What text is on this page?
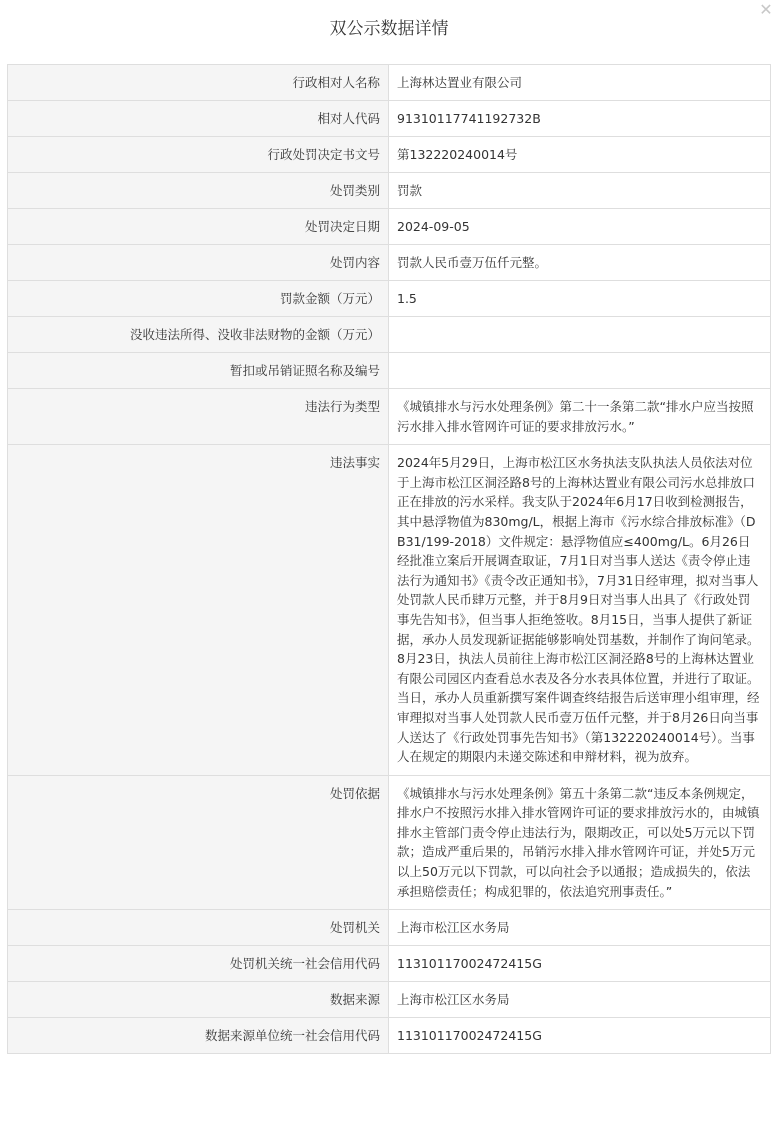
双公示数据详情
✕
行政相对人名称	上海林达置业有限公司
相对人代码	91310117741192732B
行政处罚决定书文号	第132220240014号
处罚类别	罚款
处罚决定日期	2024-09-05
处罚内容	罚款人民币壹万伍仟元整。
罚款金额（万元）	1.5
没收违法所得、没收非法财物的金额（万元）	
暂扣或吊销证照名称及编号	
违法行为类型	《城镇排水与污水处理条例》第二十一条第二款“排水户应当按照污水排入排水管网许可证的要求排放污水。”
违法事实	2024年5月29日，上海市松江区水务执法支队执法人员依法对位于上海市松江区洞泾路8号的上海林达置业有限公司污水总排放口正在排放的污水采样。我支队于2024年6月17日收到检测报告，其中悬浮物值为830mg/L，根据上海市《污水综合排放标准》（DB31/199-2018）文件规定：悬浮物值应≤400mg/L。6月26日经批准立案后开展调查取证，7月1日对当事人送达《责令停止违法行为通知书》《责令改正通知书》，7月31日经审理，拟对当事人处罚款人民币肆万元整，并于8月9日对当事人出具了《行政处罚事先告知书》，但当事人拒绝签收。8月15日，当事人提供了新证据，承办人员发现新证据能够影响处罚基数，并制作了询问笔录。8月23日，执法人员前往上海市松江区洞泾路8号的上海林达置业有限公司园区内查看总水表及各分水表具体位置，并进行了取证。当日，承办人员重新撰写案件调查终结报告后送审理小组审理，经审理拟对当事人处罚款人民币壹万伍仟元整，并于8月26日向当事人送达了《行政处罚事先告知书》（第132220240014号）。当事人在规定的期限内未递交陈述和申辩材料，视为放弃。
处罚依据	《城镇排水与污水处理条例》第五十条第二款“违反本条例规定，排水户不按照污水排入排水管网许可证的要求排放污水的，由城镇排水主管部门责令停止违法行为，限期改正，可以处5万元以下罚款；造成严重后果的，吊销污水排入排水管网许可证，并处5万元以上50万元以下罚款，可以向社会予以通报；造成损失的，依法承担赔偿责任；构成犯罪的，依法追究刑事责任。”
处罚机关	上海市松江区水务局
处罚机关统一社会信用代码	11310117002472415G
数据来源	上海市松江区水务局
数据来源单位统一社会信用代码	11310117002472415G
